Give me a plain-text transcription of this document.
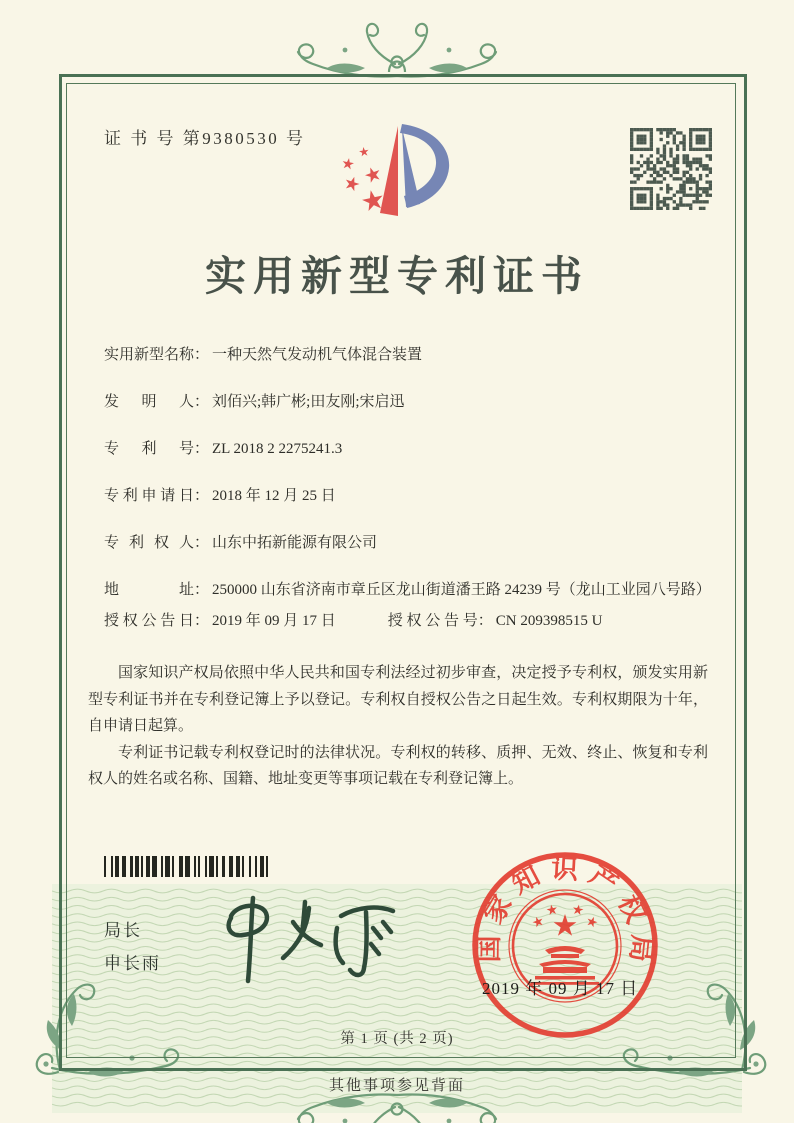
证 书 号 第9380530 号
实用新型专利证书
实用新型名称 ： 一种天然气发动机气体混合装置
发明人 ： 刘佰兴;韩广彬;田友刚;宋启迅
专利号 ： ZL 2018 2 2275241.3
专利申请日 ： 2018 年 12 月 25 日
专利权人 ： 山东中拓新能源有限公司
地址 ： 250000 山东省济南市章丘区龙山街道潘王路 24239 号（龙山工业园八号路）
授权公告日 ： 2019 年 09 月 17 日	授权公告号 ： CN 209398515 U

国家知识产权局依照中华人民共和国专利法经过初步审查，决定授予专利权，颁发实用新型专利证书并在专利登记簿上予以登记。专利权自授权公告之日起生效。专利权期限为十年，自申请日起算。

专利证书记载专利权登记时的法律状况。专利权的转移、质押、无效、终止、恢复和专利权人的姓名或名称、国籍、地址变更等事项记载在专利登记簿上。

局长
申长雨
国家知识产权局
2019 年 09 月 17 日
第 1 页 (共 2 页)
其他事项参见背面
